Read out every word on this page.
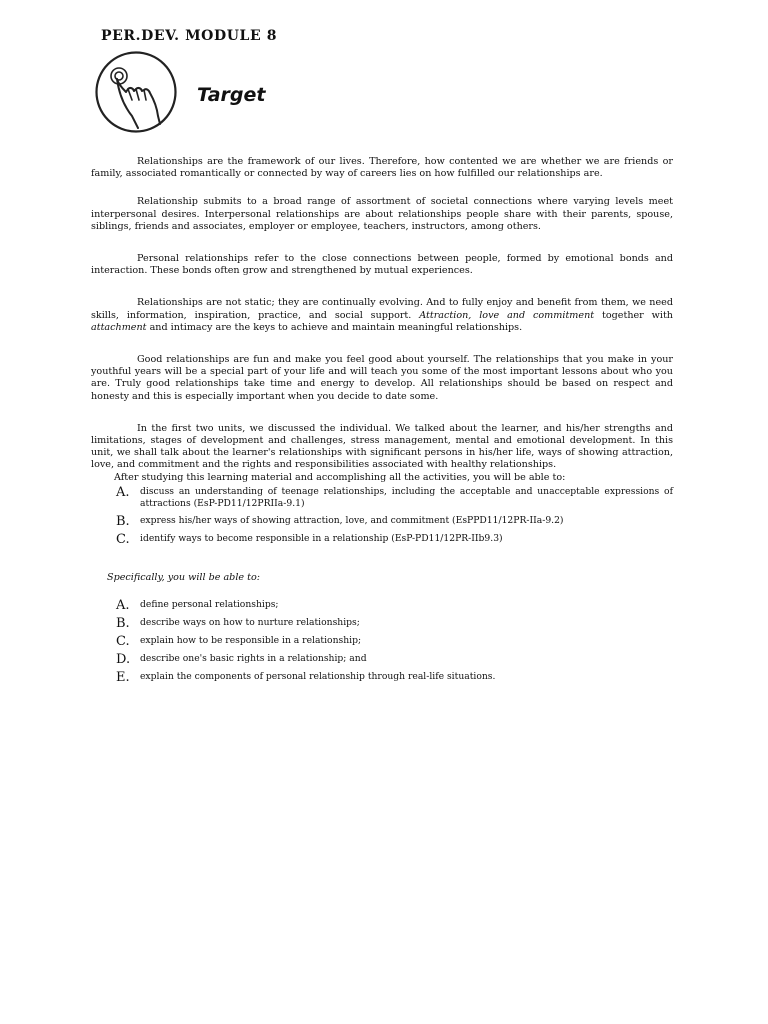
PER.DEV. MODULE 8
Target

Relationships are the framework of our lives. Therefore, how contented we are whether we are friends or family, associated romantically or connected by way of careers lies on how fulfilled our relationships are.

Relationship submits to a broad range of assortment of societal connections where varying levels meet interpersonal desires. Interpersonal relationships are about relationships people share with their parents, spouse, siblings, friends and associates, employer or employee, teachers, instructors, among others.

Personal relationships refer to the close connections between people, formed by emotional bonds and interaction. These bonds often grow and strengthened by mutual experiences.

Relationships are not static; they are continually evolving. And to fully enjoy and benefit from them, we need skills, information, inspiration, practice, and social support. Attraction, love and commitment together with attachment and intimacy are the keys to achieve and maintain meaningful relationships.

Good relationships are fun and make you feel good about yourself. The relationships that you make in your youthful years will be a special part of your life and will teach you some of the most important lessons about who you are. Truly good relationships take time and energy to develop. All relationships should be based on respect and honesty and this is especially important when you decide to date some.

In the first two units, we discussed the individual. We talked about the learner, and his/her strengths and limitations, stages of development and challenges, stress management, mental and emotional development. In this unit, we shall talk about the learner's relationships with significant persons in his/her life, ways of showing attraction, love, and commitment and the rights and responsibilities associated with healthy relationships.

After studying this learning material and accomplishing all the activities, you will be able to:

A.	discuss an understanding of teenage relationships, including the acceptable and unacceptable expressions of attractions (EsP-PD11/12PRIIa-9.1)
B.	express his/her ways of showing attraction, love, and commitment (EsPPD11/12PR-IIa-9.2)
C.	identify ways to become responsible in a relationship (EsP-PD11/12PR-IIb9.3)

Specifically, you will be able to:

A.	define personal relationships;
B.	describe ways on how to nurture relationships;
C.	explain how to be responsible in a relationship;
D.	describe one's basic rights in a relationship; and
E.	explain the components of personal relationship through real-life situations.
